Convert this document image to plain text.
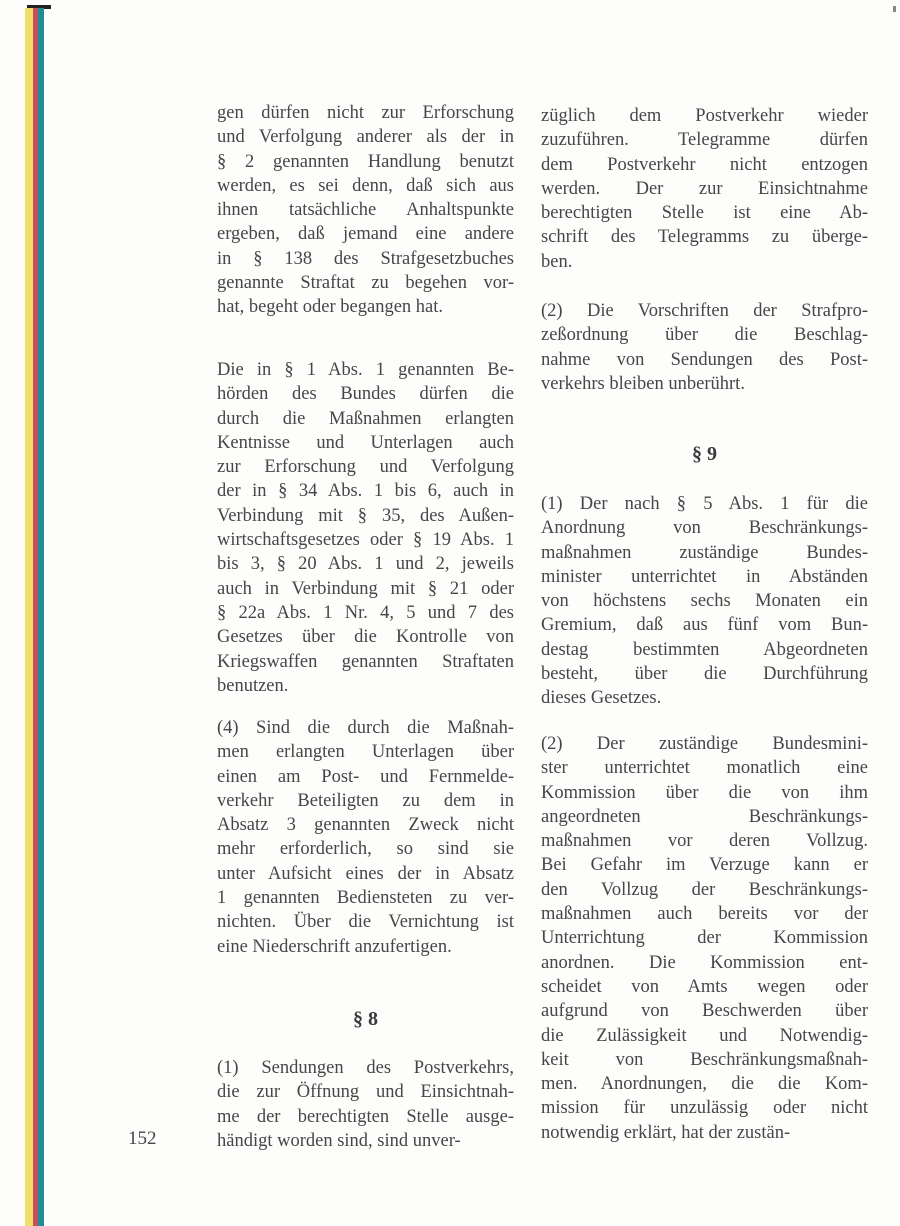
gen dürfen nicht zur Erforschung
und Verfolgung anderer als der in
§ 2 genannten Handlung benutzt
werden, es sei denn, daß sich aus
ihnen tatsächliche Anhaltspunkte
ergeben, daß jemand eine andere
in § 138 des Strafgesetzbuches
genannte Straftat zu begehen vor-
hat, begeht oder begangen hat.
Die in § 1 Abs. 1 genannten Be-
hörden des Bundes dürfen die
durch die Maßnahmen erlangten
Kentnisse und Unterlagen auch
zur Erforschung und Verfolgung
der in § 34 Abs. 1 bis 6, auch in
Verbindung mit § 35, des Außen-
wirtschaftsgesetzes oder § 19 Abs. 1
bis 3, § 20 Abs. 1 und 2, jeweils
auch in Verbindung mit § 21 oder
§ 22a Abs. 1 Nr. 4, 5 und 7 des
Gesetzes über die Kontrolle von
Kriegswaffen genannten Straftaten
benutzen.
(4) Sind die durch die Maßnah-
men erlangten Unterlagen über
einen am Post- und Fernmelde-
verkehr Beteiligten zu dem in
Absatz 3 genannten Zweck nicht
mehr erforderlich, so sind sie
unter Aufsicht eines der in Absatz
1 genannten Bediensteten zu ver-
nichten. Über die Vernichtung ist
eine Niederschrift anzufertigen.
§ 8
(1) Sendungen des Postverkehrs,
die zur Öffnung und Einsichtnah-
me der berechtigten Stelle ausge-
händigt worden sind, sind unver-
züglich dem Postverkehr wieder
zuzuführen. Telegramme dürfen
dem Postverkehr nicht entzogen
werden. Der zur Einsichtnahme
berechtigten Stelle ist eine Ab-
schrift des Telegramms zu überge-
ben.
(2) Die Vorschriften der Strafpro-
zeßordnung über die Beschlag-
nahme von Sendungen des Post-
verkehrs bleiben unberührt.
§ 9
(1) Der nach § 5 Abs. 1 für die
Anordnung von Beschränkungs-
maßnahmen zuständige Bundes-
minister unterrichtet in Abständen
von höchstens sechs Monaten ein
Gremium, daß aus fünf vom Bun-
destag bestimmten Abgeordneten
besteht, über die Durchführung
dieses Gesetzes.
(2) Der zuständige Bundesmini-
ster unterrichtet monatlich eine
Kommission über die von ihm
angeordneten Beschränkungs-
maßnahmen vor deren Vollzug.
Bei Gefahr im Verzuge kann er
den Vollzug der Beschränkungs-
maßnahmen auch bereits vor der
Unterrichtung der Kommission
anordnen. Die Kommission ent-
scheidet von Amts wegen oder
aufgrund von Beschwerden über
die Zulässigkeit und Notwendig-
keit von Beschränkungsmaßnah-
men. Anordnungen, die die Kom-
mission für unzulässig oder nicht
notwendig erklärt, hat der zustän-
152
